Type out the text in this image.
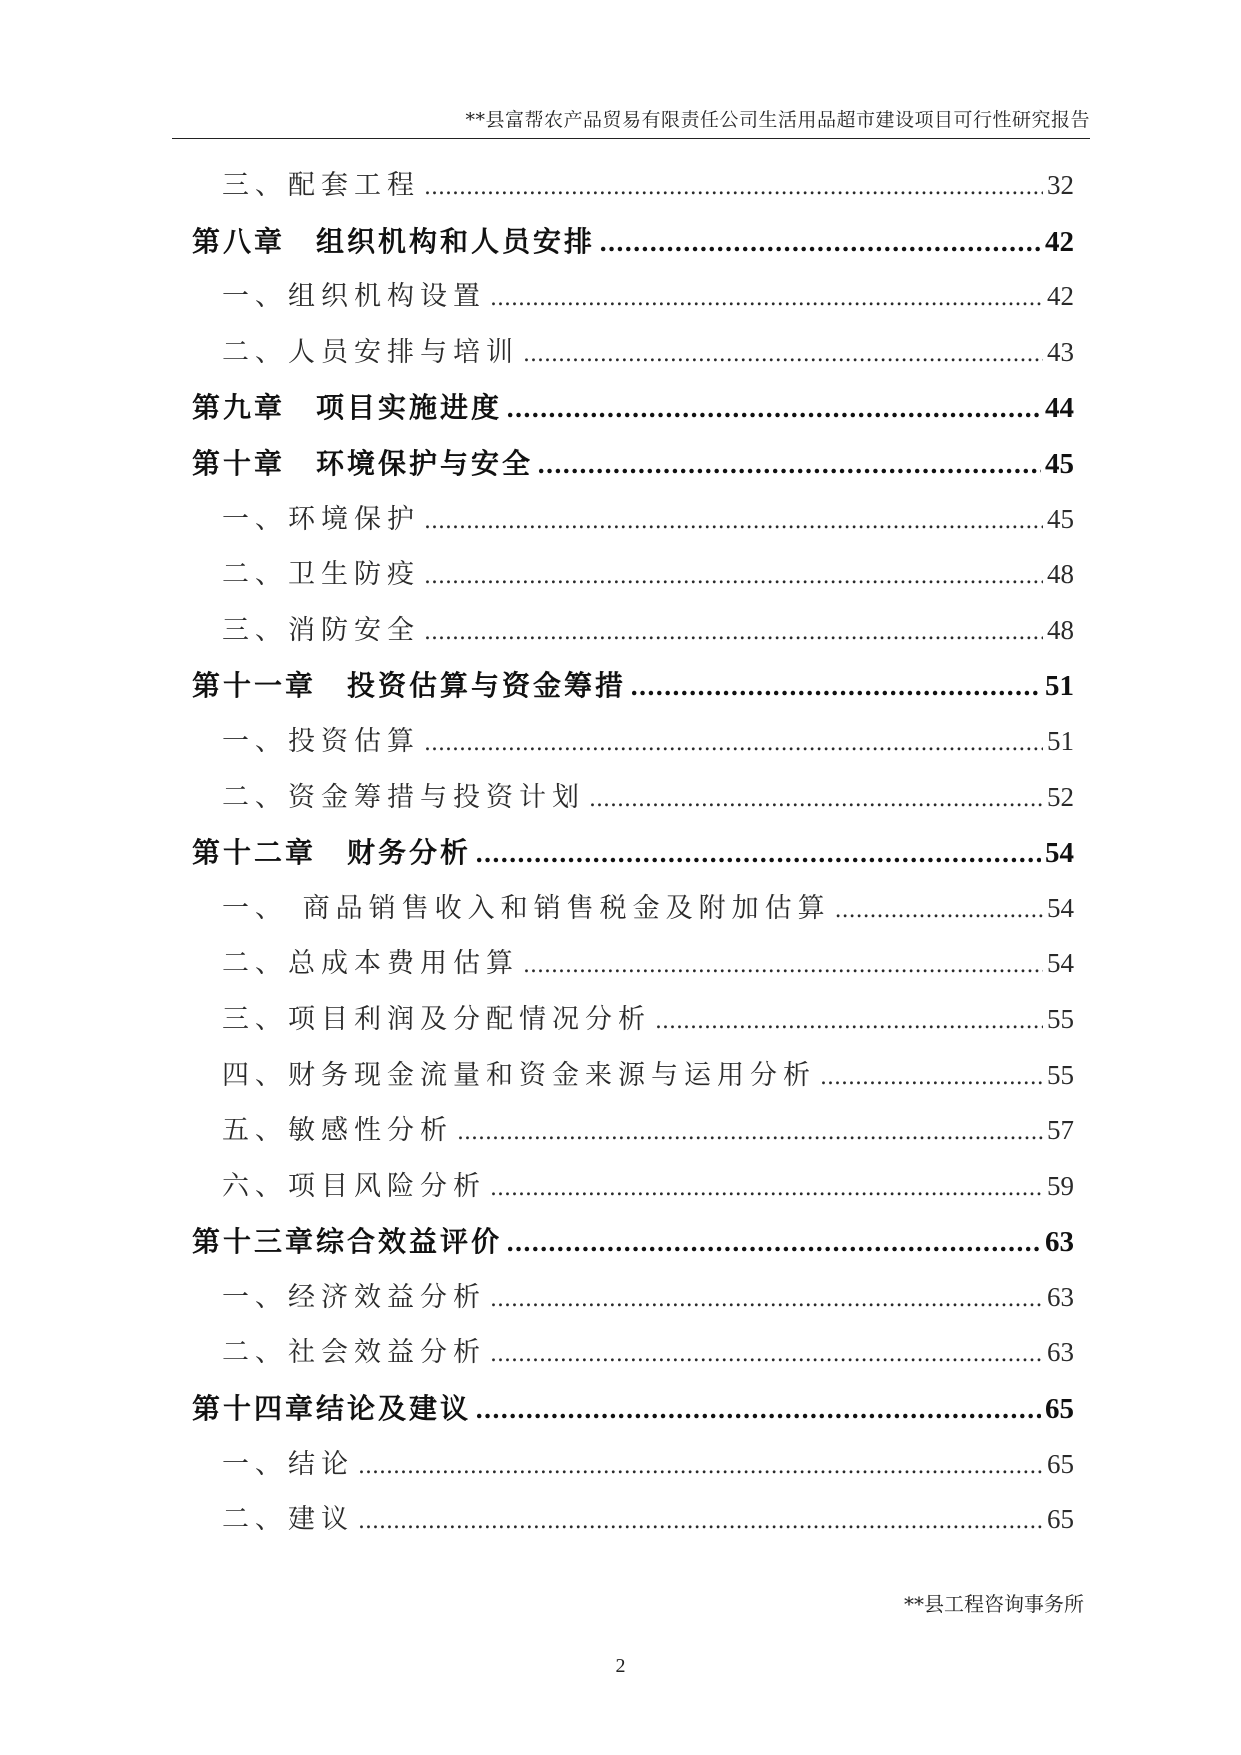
**县富帮农产品贸易有限责任公司生活用品超市建设项目可行性研究报告
三、配套工程 .....	32
第八章　组织机构和人员安排 .....	42
一、组织机构设置 .....	42
二、人员安排与培训 .....	43
第九章　项目实施进度 .....	44
第十章　环境保护与安全 .....	45
一、环境保护 .....	45
二、卫生防疫 .....	48
三、消防安全 .....	48
第十一章　投资估算与资金筹措 .....	51
一、投资估算 .....	51
二、资金筹措与投资计划 .....	52
第十二章　财务分析 .....	54
一、 商品销售收入和销售税金及附加估算 .....	54
二、总成本费用估算 .....	54
三、项目利润及分配情况分析 .....	55
四、财务现金流量和资金来源与运用分析 .....	55
五、敏感性分析 .....	57
六、项目风险分析 .....	59
第十三章综合效益评价 .....	63
一、经济效益分析 .....	63
二、社会效益分析 .....	63
第十四章结论及建议 .....	65
一、结论 .....	65
二、建议 .....	65
**县工程咨询事务所
2
